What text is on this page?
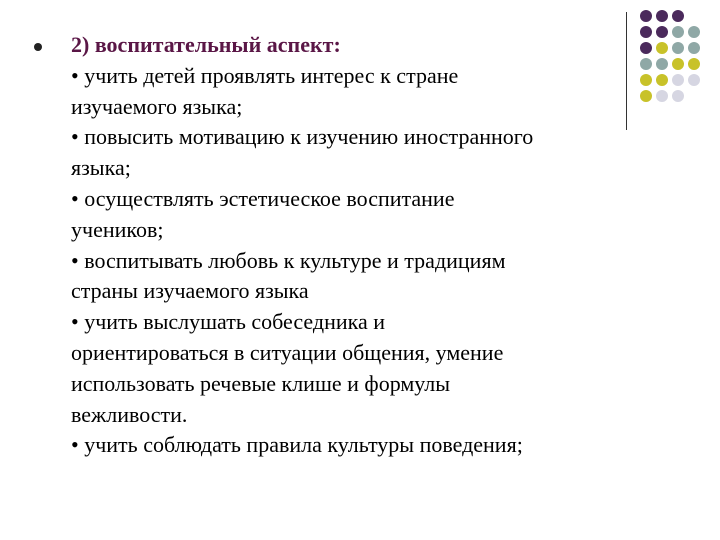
2) воспитательный аспект:
• учить детей проявлять интерес к стране
изучаемого языка;
• повысить мотивацию к изучению иностранного
языка;
• осуществлять эстетическое воспитание
учеников;
• воспитывать любовь к культуре и традициям
страны изучаемого языка
• учить выслушать собеседника и
ориентироваться в ситуации общения, умение
использовать речевые клише и формулы
вежливости.
• учить соблюдать правила культуры поведения;
